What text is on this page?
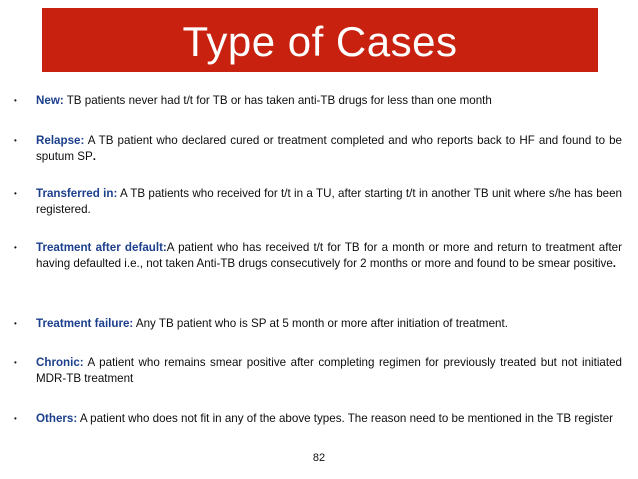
Type of Cases
•	New: TB patients never had t/t for TB or has taken anti-TB drugs for less than one month
•	Relapse: A TB patient who declared cured or treatment completed and who reports back to HF and found to be sputum SP.
•	Transferred in: A TB patients who received for t/t in a TU, after starting t/t in another TB unit where s/he has been registered.
•	Treatment after default:A patient who has received t/t for TB for a month or more and return to treatment after having defaulted i.e., not taken Anti-TB drugs consecutively for 2 months or more and found to be smear positive.
•	Treatment failure: Any TB patient who is SP at 5 month or more after initiation of treatment.
•	Chronic: A patient who remains smear positive after completing regimen for previously treated but not initiated MDR-TB treatment
•	Others: A patient who does not fit in any of the above types. The reason need to be mentioned in the TB register
82
